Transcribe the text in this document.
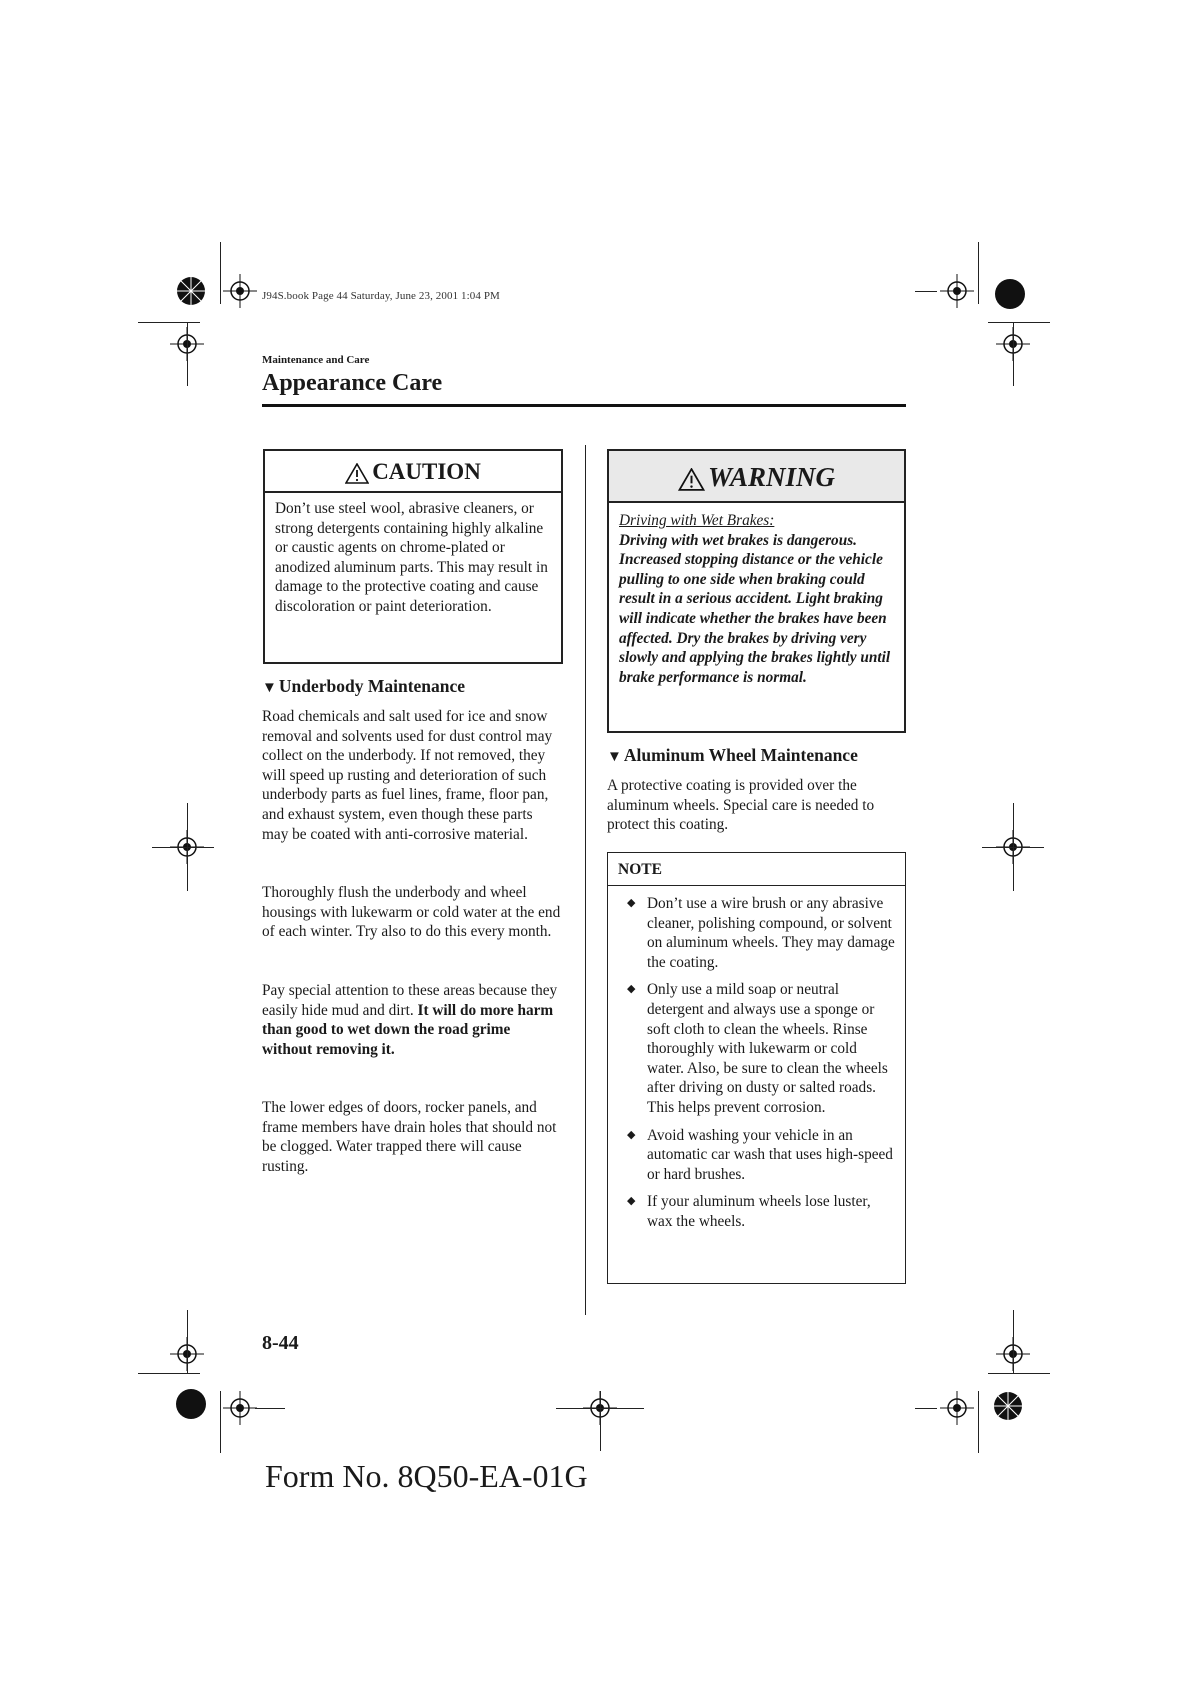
J94S.book Page 44 Saturday, June 23, 2001 1:04 PM
Maintenance and Care
Appearance Care
CAUTION
Don’t use steel wool, abrasive cleaners, or strong detergents containing highly alkaline or caustic agents on chrome-plated or anodized aluminum parts. This may result in damage to the protective coating and cause discoloration or paint deterioration.
▼ Underbody Maintenance
Road chemicals and salt used for ice and snow removal and solvents used for dust control may collect on the underbody. If not removed, they will speed up rusting and deterioration of such underbody parts as fuel lines, frame, floor pan, and exhaust system, even though these parts may be coated with anti-corrosive material.
Thoroughly flush the underbody and wheel housings with lukewarm or cold water at the end of each winter. Try also to do this every month.
Pay special attention to these areas because they easily hide mud and dirt. It will do more harm than good to wet down the road grime without removing it.
The lower edges of doors, rocker panels, and frame members have drain holes that should not be clogged. Water trapped there will cause rusting.
WARNING
Driving with Wet Brakes:
Driving with wet brakes is dangerous. Increased stopping distance or the vehicle pulling to one side when braking could result in a serious accident. Light braking will indicate whether the brakes have been affected. Dry the brakes by driving very slowly and applying the brakes lightly until brake performance is normal.
▼ Aluminum Wheel Maintenance
A protective coating is provided over the aluminum wheels. Special care is needed to protect this coating.
NOTE
◆ Don’t use a wire brush or any abrasive cleaner, polishing compound, or solvent on aluminum wheels. They may damage the coating.
◆ Only use a mild soap or neutral detergent and always use a sponge or soft cloth to clean the wheels. Rinse thoroughly with lukewarm or cold water. Also, be sure to clean the wheels after driving on dusty or salted roads. This helps prevent corrosion.
◆ Avoid washing your vehicle in an automatic car wash that uses high-speed or hard brushes.
◆ If your aluminum wheels lose luster, wax the wheels.
8-44
Form No. 8Q50-EA-01G
